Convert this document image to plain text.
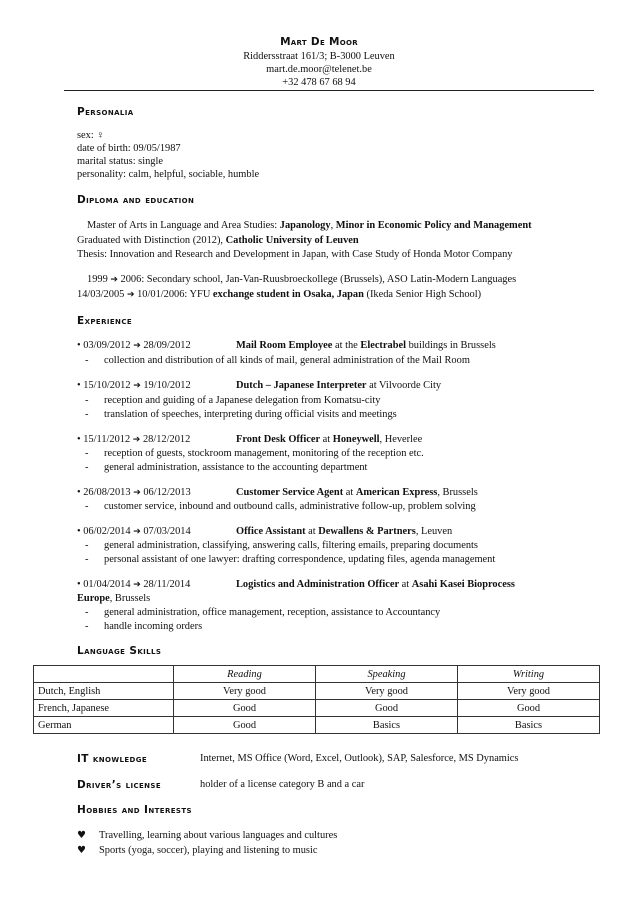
Mart De Moor
Riddersstraat 161/3; B-3000 Leuven
mart.de.moor@telenet.be
+32 478 67 68 94
Personalia
sex: ♀
date of birth: 09/05/1987
marital status: single
personality: calm, helpful, sociable, humble
Diploma and education
Master of Arts in Language and Area Studies: Japanology, Minor in Economic Policy and Management
Graduated with Distinction (2012), Catholic University of Leuven
Thesis: Innovation and Research and Development in Japan, with Case Study of Honda Motor Company
1999 ➔ 2006: Secondary school, Jan-Van-Ruusbroeckollege (Brussels), ASO Latin-Modern Languages
14/03/2005 ➔ 10/01/2006: YFU exchange student in Osaka, Japan (Ikeda Senior High School)
Experience
• 03/09/2012 ➔ 28/09/2012	Mail Room Employee at the Electrabel buildings in Brussels
- collection and distribution of all kinds of mail, general administration of the Mail Room
• 15/10/2012 ➔ 19/10/2012	Dutch – Japanese Interpreter at Vilvoorde City
- reception and guiding of a Japanese delegation from Komatsu-city
- translation of speeches, interpreting during official visits and meetings
• 15/11/2012 ➔ 28/12/2012	Front Desk Officer at Honeywell, Heverlee
- reception of guests, stockroom management, monitoring of the reception etc.
- general administration, assistance to the accounting department
• 26/08/2013 ➔ 06/12/2013	Customer Service Agent at American Express, Brussels
- customer service, inbound and outbound calls, administrative follow-up, problem solving
• 06/02/2014 ➔ 07/03/2014	Office Assistant at Dewallens & Partners, Leuven
- general administration, classifying, answering calls, filtering emails, preparing documents
- personal assistant of one lawyer: drafting correspondence, updating files, agenda management
• 01/04/2014 ➔ 28/11/2014	Logistics and Administration Officer at Asahi Kasei Bioprocess
Europe, Brussels
- general administration, office management, reception, assistance to Accountancy
- handle incoming orders
Language Skills
	Reading	Speaking	Writing
Dutch, English	Very good	Very good	Very good
French, Japanese	Good	Good	Good
German	Good	Basics	Basics
IT knowledge	Internet, MS Office (Word, Excel, Outlook), SAP, Salesforce, MS Dynamics
Driver’s license	holder of a license category B and a car
Hobbies and Interests
♥ Travelling, learning about various languages and cultures
♥ Sports (yoga, soccer), playing and listening to music
